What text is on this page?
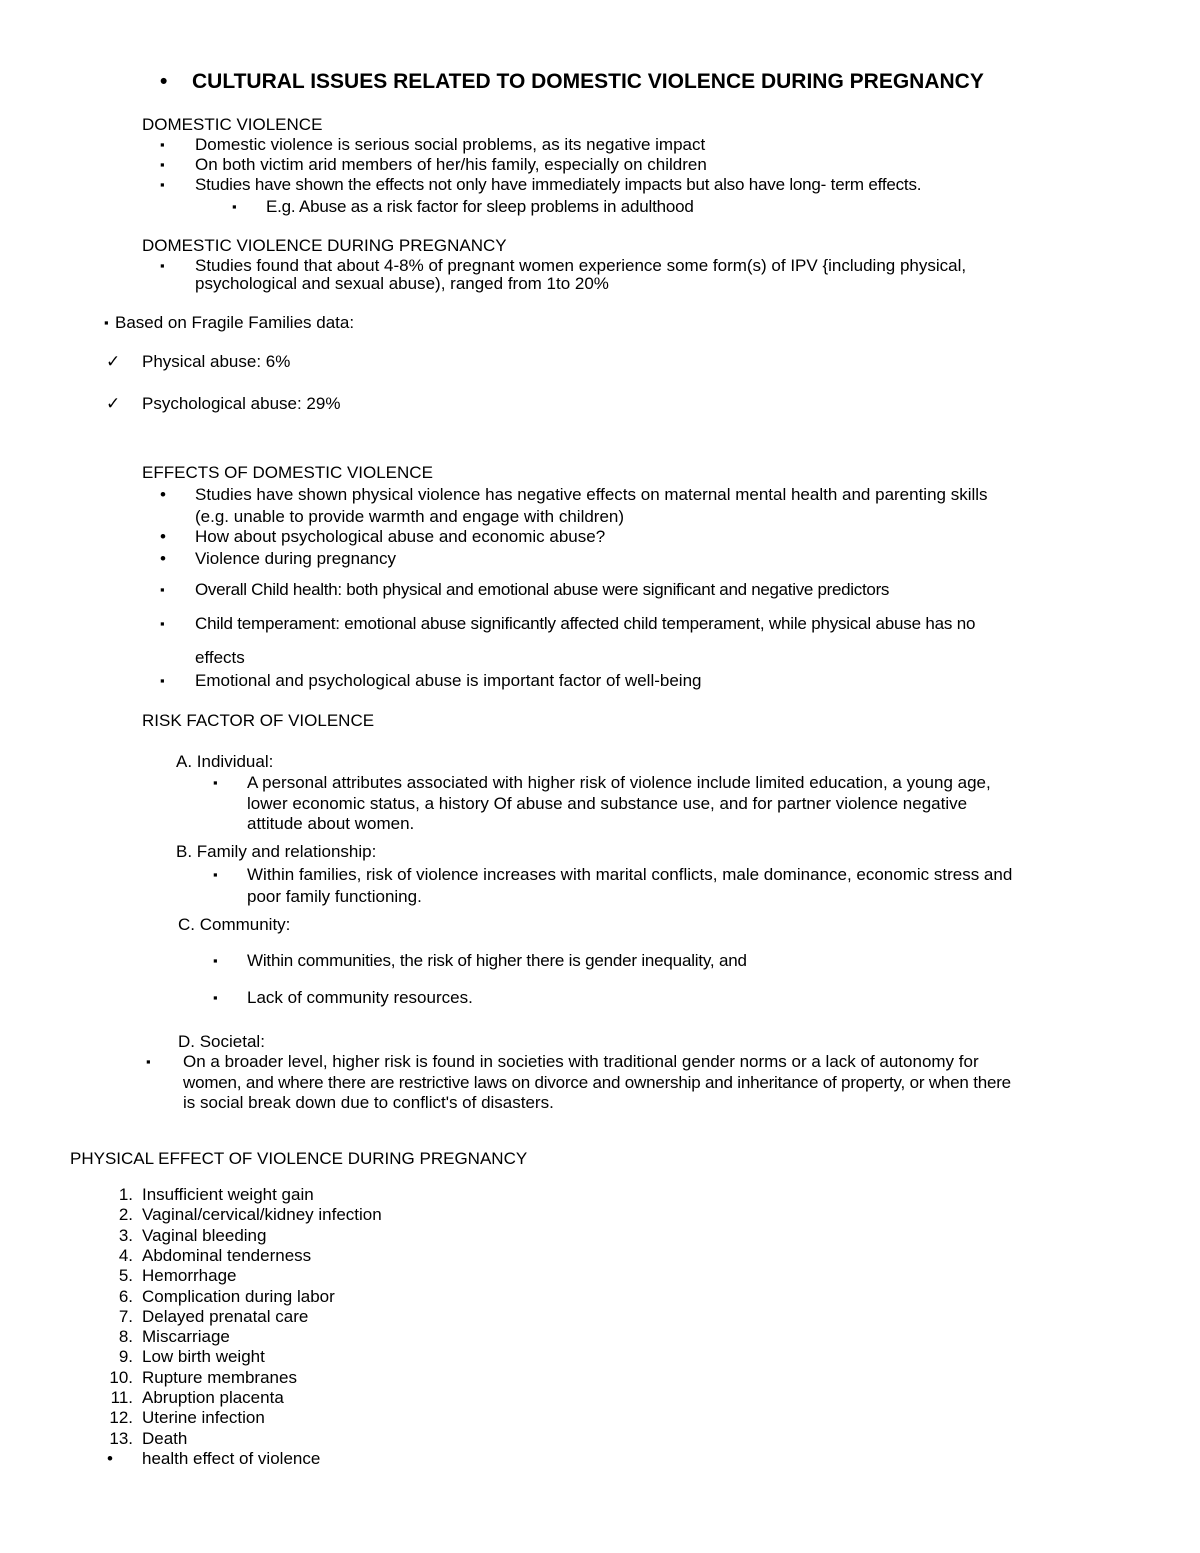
• CULTURAL ISSUES RELATED TO DOMESTIC VIOLENCE DURING PREGNANCY
DOMESTIC VIOLENCE
▪ Domestic violence is serious social problems, as its negative impact
▪ On both victim arid members of her/his family, especially on children
▪ Studies have shown the effects not only have immediately impacts but also have long- term effects.
▪ E.g. Abuse as a risk factor for sleep problems in adulthood
DOMESTIC VIOLENCE DURING PREGNANCY
▪ Studies found that about 4-8% of pregnant women experience some form(s) of IPV {including physical,
psychological and sexual abuse), ranged from 1to 20%
▪ Based on Fragile Families data:
✓ Physical abuse: 6%
✓ Psychological abuse: 29%
EFFECTS OF DOMESTIC VIOLENCE
• Studies have shown physical violence has negative effects on maternal mental health and parenting skills
(e.g. unable to provide warmth and engage with children)
• How about psychological abuse and economic abuse?
• Violence during pregnancy
▪ Overall Child health: both physical and emotional abuse were significant and negative predictors
▪ Child temperament: emotional abuse significantly affected child temperament, while physical abuse has no
effects
▪ Emotional and psychological abuse is important factor of well-being
RISK FACTOR OF VIOLENCE
A. Individual:
▪ A personal attributes associated with higher risk of violence include limited education, a young age,
lower economic status, a history Of abuse and substance use, and for partner violence negative
attitude about women.
B. Family and relationship:
▪ Within families, risk of violence increases with marital conflicts, male dominance, economic stress and
poor family functioning.
C. Community:
▪ Within communities, the risk of higher there is gender inequality, and
▪ Lack of community resources.
D. Societal:
▪ On a broader level, higher risk is found in societies with traditional gender norms or a lack of autonomy for
women, and where there are restrictive laws on divorce and ownership and inheritance of property, or when there
is social break down due to conflict's of disasters.
PHYSICAL EFFECT OF VIOLENCE DURING PREGNANCY
1. Insufficient weight gain
2. Vaginal/cervical/kidney infection
3. Vaginal bleeding
4. Abdominal tenderness
5. Hemorrhage
6. Complication during labor
7. Delayed prenatal care
8. Miscarriage
9. Low birth weight
10. Rupture membranes
11. Abruption placenta
12. Uterine infection
13. Death
• health effect of violence
